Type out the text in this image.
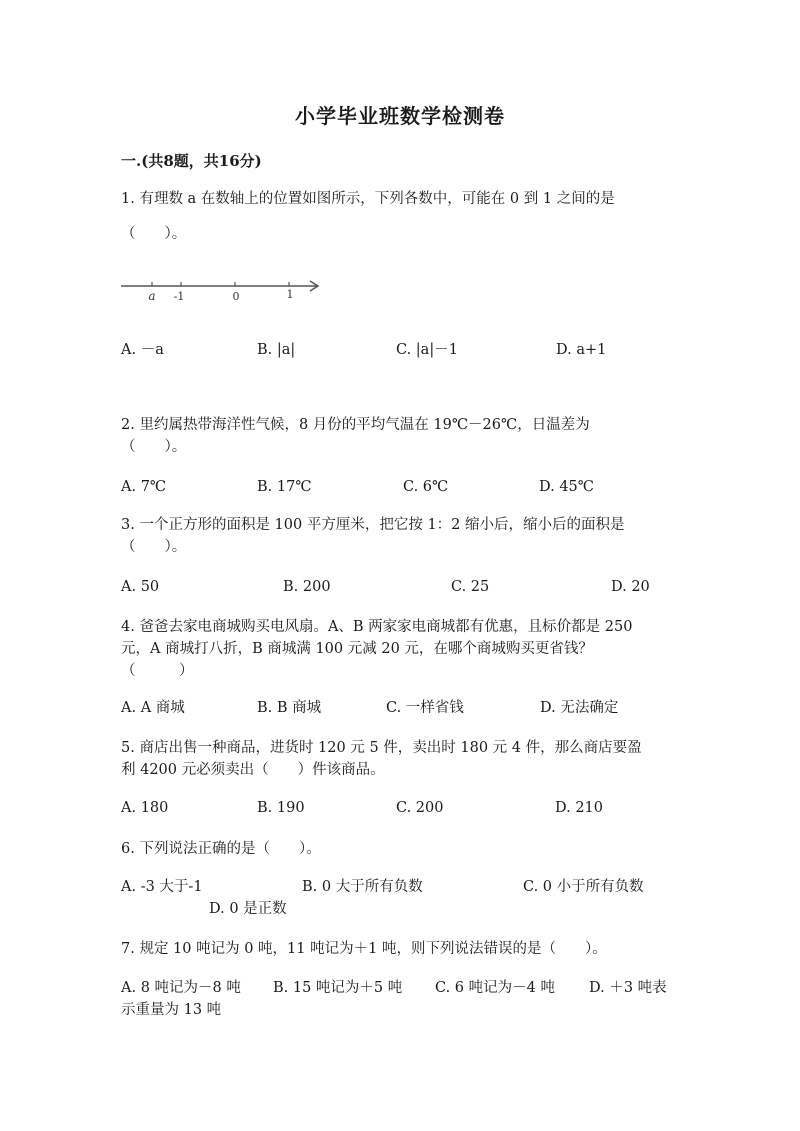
小学毕业班数学检测卷
一.(共8题，共16分)
1. 有理数 a 在数轴上的位置如图所示，下列各数中，可能在 0 到 1 之间的是
（　　）。
a -1	0	1
A. －a	B. |a|	C. |a|－1	D. a+1
2. 里约属热带海洋性气候，8 月份的平均气温在 19℃－26℃，日温差为
（　　）。
A. 7℃	B. 17℃	C. 6℃	D. 45℃
3. 一个正方形的面积是 100 平方厘米，把它按 1：2 缩小后，缩小后的面积是
（　　）。
A. 50	B. 200	C. 25	D. 20
4. 爸爸去家电商城购买电风扇。A、B 两家家电商城都有优惠，且标价都是 250
元，A 商城打八折，B 商城满 100 元减 20 元，在哪个商城购买更省钱？
（　　　）
A. A 商城	B. B 商城	C. 一样省钱	D. 无法确定
5. 商店出售一种商品，进货时 120 元 5 件，卖出时 180 元 4 件，那么商店要盈
利 4200 元必须卖出（　　）件该商品。
A. 180	B. 190	C. 200	D. 210
6. 下列说法正确的是（　　）。
A. -3 大于-1	B. 0 大于所有负数	C. 0 小于所有负数
D. 0 是正数
7. 规定 10 吨记为 0 吨，11 吨记为＋1 吨，则下列说法错误的是（　　）。
A. 8 吨记为－8 吨 B. 15 吨记为＋5 吨 C. 6 吨记为－4 吨 D. ＋3 吨表
示重量为 13 吨
